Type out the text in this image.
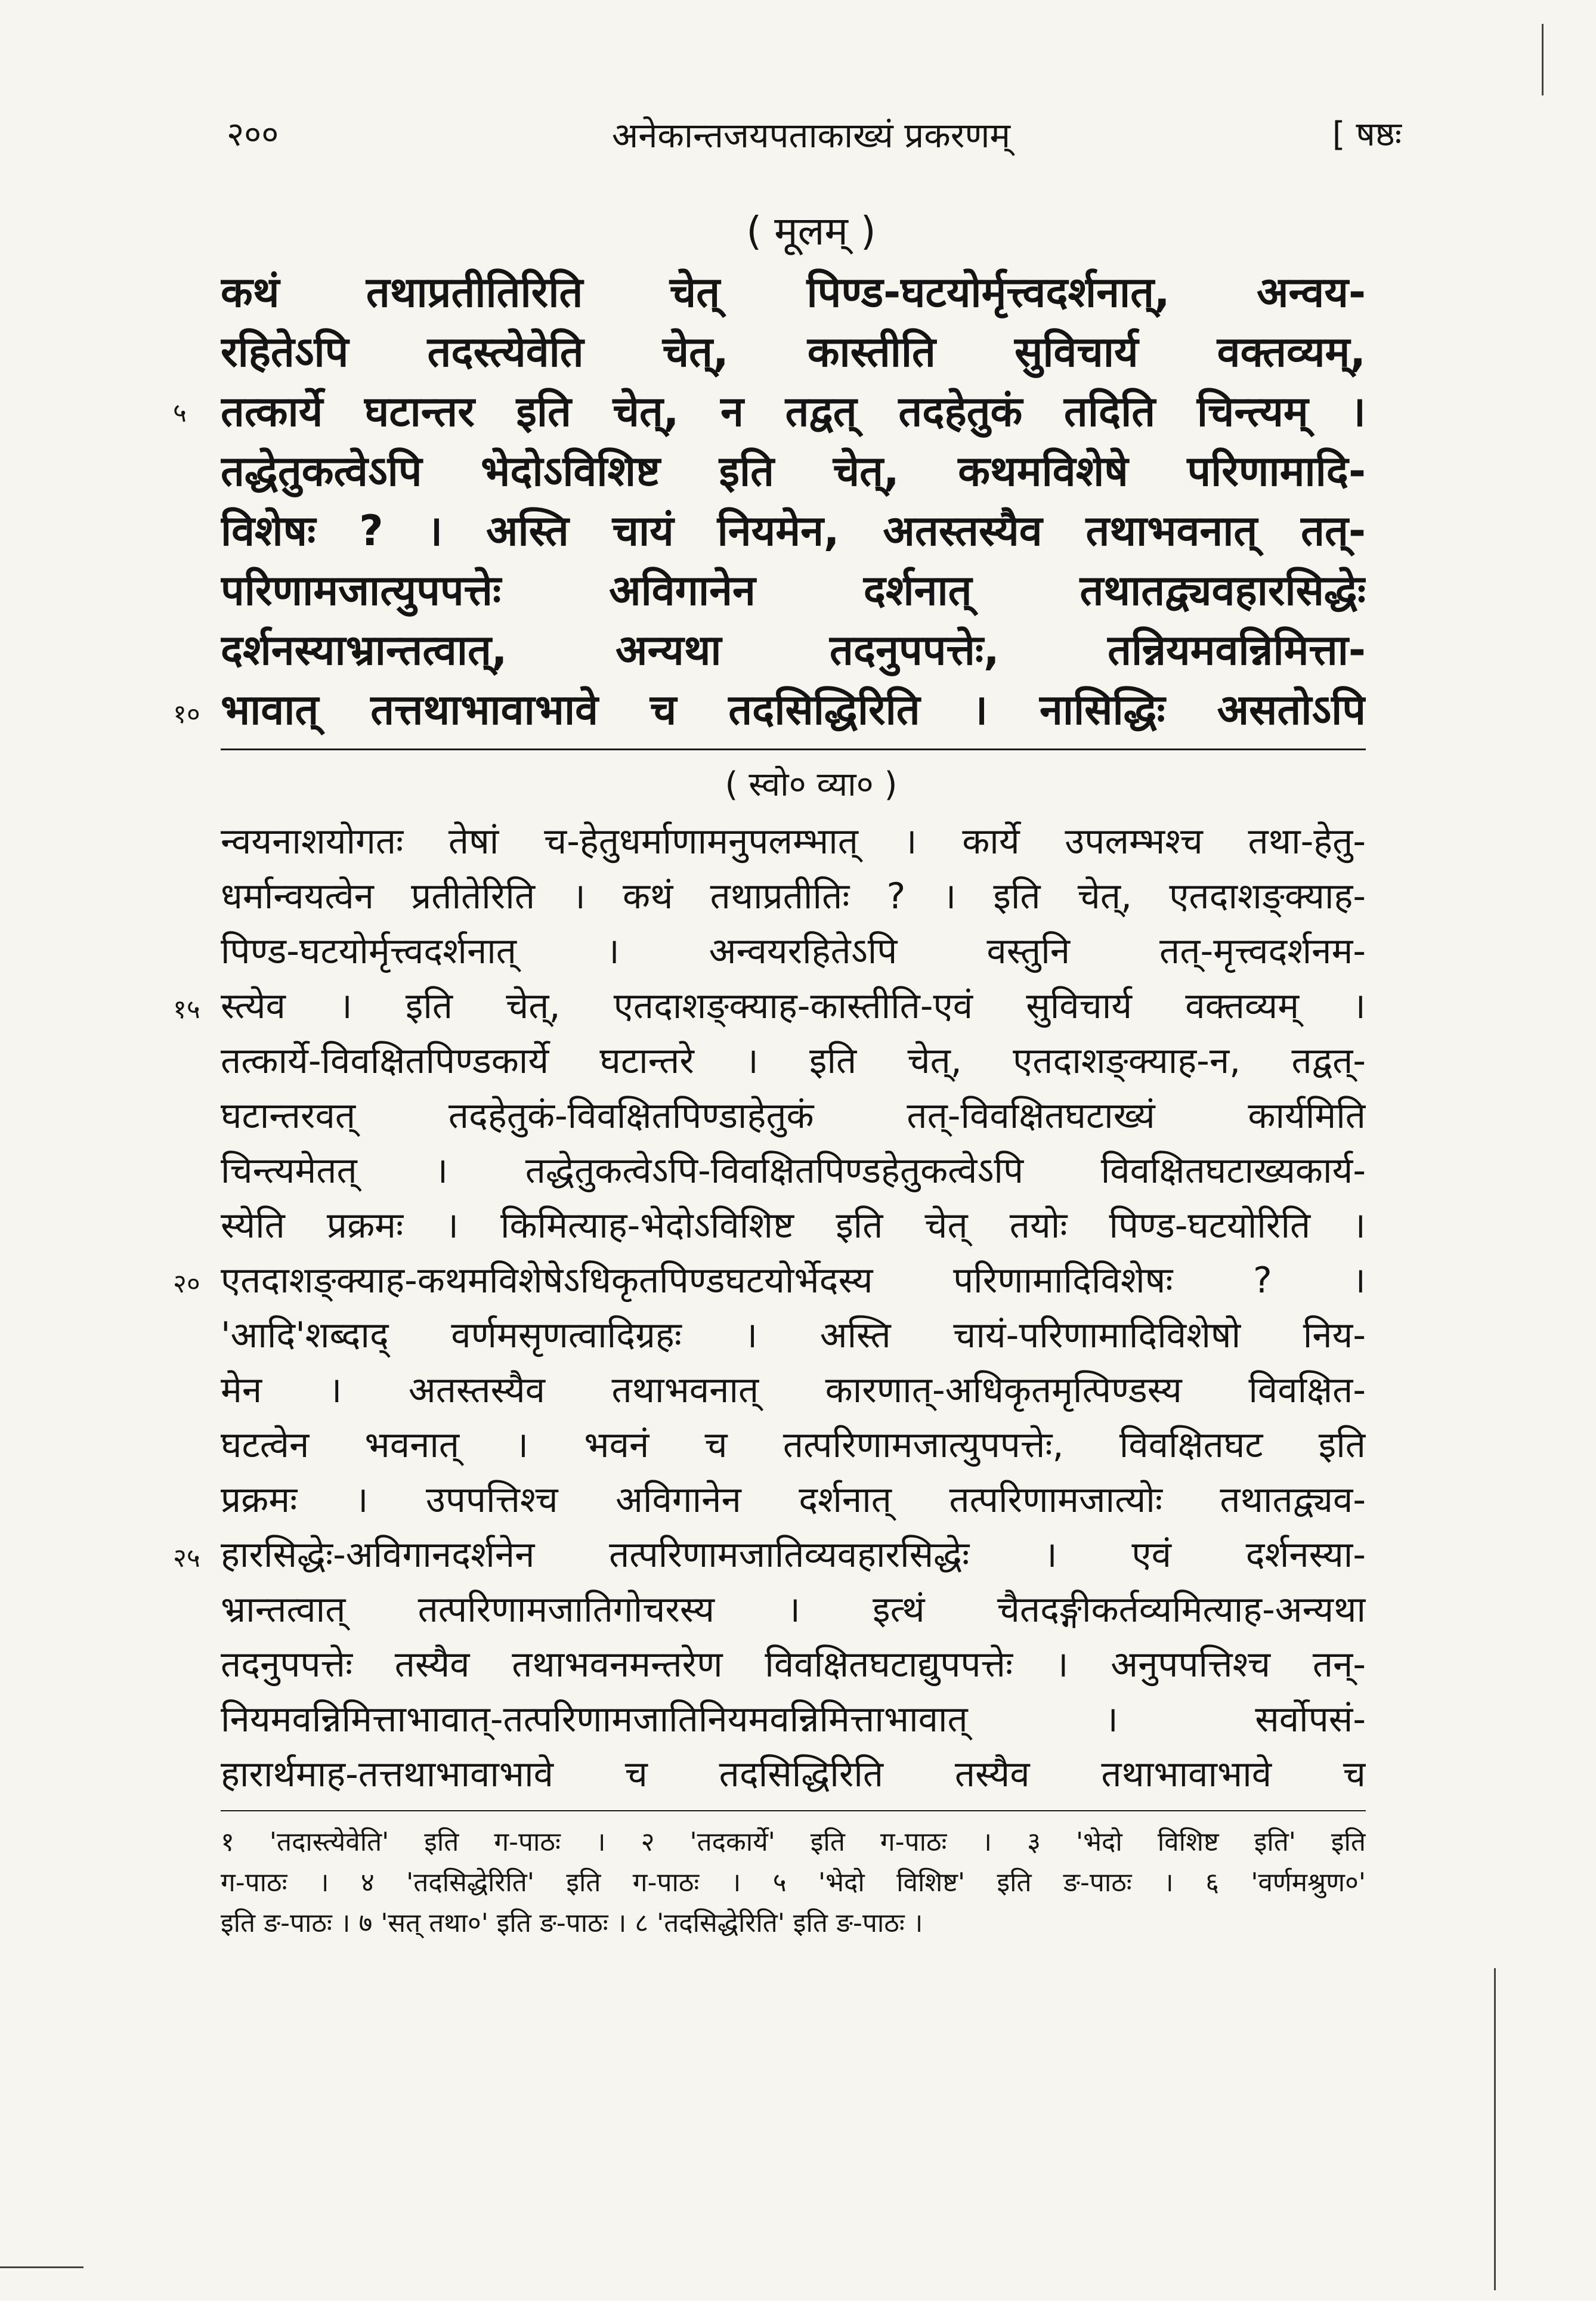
२००	अनेकान्तजयपताकाख्यं प्रकरणम्	[ षष्ठः
( मूलम् )
कथं तथाप्रतीतिरिति चेत् पिण्ड-घटयोर्मृत्त्वदर्शनात्, अन्वय-
रहितेऽपि तदस्त्येवेति चेत्, कास्तीति सुविचार्य वक्तव्यम्,
तत्कार्ये घटान्तर इति चेत्, न तद्वत् तदहेतुकं तदिति चिन्त्यम् ।
तद्धेतुकत्वेऽपि भेदोऽविशिष्ट इति चेत्, कथमविशेषे परिणामादि-
विशेषः ? । अस्ति चायं नियमेन, अतस्तस्यैव तथाभवनात् तत्-
परिणामजात्युपपत्तेः अविगानेन दर्शनात् तथातद्व्यवहारसिद्धेः
दर्शनस्याभ्रान्तत्वात्, अन्यथा तदनुपपत्तेः, तन्नियमवन्निमित्ता-
भावात् तत्तथाभावाभावे च तदसिद्धिरिति । नासिद्धिः असतोऽपि
५
१०
( स्वो० व्या० )
न्वयनाशयोगतः तेषां च-हेतुधर्माणामनुपलम्भात् । कार्ये उपलम्भश्च तथा-हेतु-
धर्मान्वयत्वेन प्रतीतेरिति । कथं तथाप्रतीतिः ? । इति चेत्, एतदाशङ्क्याह-
पिण्ड-घटयोर्मृत्त्वदर्शनात् । अन्वयरहितेऽपि वस्तुनि तत्-मृत्त्वदर्शनम-
स्त्येव । इति चेत्, एतदाशङ्क्याह-कास्तीति-एवं सुविचार्य वक्तव्यम् ।
तत्कार्ये-विवक्षितपिण्डकार्ये घटान्तरे । इति चेत्, एतदाशङ्क्याह-न, तद्वत्-
घटान्तरवत् तदहेतुकं-विवक्षितपिण्डाहेतुकं तत्-विवक्षितघटाख्यं कार्यमिति
चिन्त्यमेतत् । तद्धेतुकत्वेऽपि-विवक्षितपिण्डहेतुकत्वेऽपि विवक्षितघटाख्यकार्य-
स्येति प्रक्रमः । किमित्याह-भेदोऽविशिष्ट इति चेत् तयोः पिण्ड-घटयोरिति ।
एतदाशङ्क्याह-कथमविशेषेऽधिकृतपिण्डघटयोर्भेदस्य परिणामादिविशेषः ? ।
'आदि'शब्दाद् वर्णमसृणत्वादिग्रहः । अस्ति चायं-परिणामादिविशेषो निय-
मेन । अतस्तस्यैव तथाभवनात् कारणात्-अधिकृतमृत्पिण्डस्य विवक्षित-
घटत्वेन भवनात् । भवनं च तत्परिणामजात्युपपत्तेः, विवक्षितघट इति
प्रक्रमः । उपपत्तिश्च अविगानेन दर्शनात् तत्परिणामजात्योः तथातद्व्यव-
हारसिद्धेः-अविगानदर्शनेन तत्परिणामजातिव्यवहारसिद्धेः । एवं दर्शनस्या-
भ्रान्तत्वात् तत्परिणामजातिगोचरस्य । इत्थं चैतदङ्गीकर्तव्यमित्याह-अन्यथा
तदनुपपत्तेः तस्यैव तथाभवनमन्तरेण विवक्षितघटाद्युपपत्तेः । अनुपपत्तिश्च तन्-
नियमवन्निमित्ताभावात्-तत्परिणामजातिनियमवन्निमित्ताभावात् । सर्वोपसं-
हारार्थमाह-तत्तथाभावाभावे च तदसिद्धिरिति तस्यैव तथाभावाभावे च
१५
२०
२५
१ 'तदास्त्येवेति' इति ग-पाठः । २ 'तदकार्ये' इति ग-पाठः । ३ 'भेदो विशिष्ट इति' इति
ग-पाठः । ४ 'तदसिद्धेरिति' इति ग-पाठः । ५ 'भेदो विशिष्ट' इति ङ-पाठः । ६ 'वर्णमश्रुण०'
इति ङ-पाठः । ७ 'सत् तथा०' इति ङ-पाठः । ८ 'तदसिद्धेरिति' इति ङ-पाठः ।
